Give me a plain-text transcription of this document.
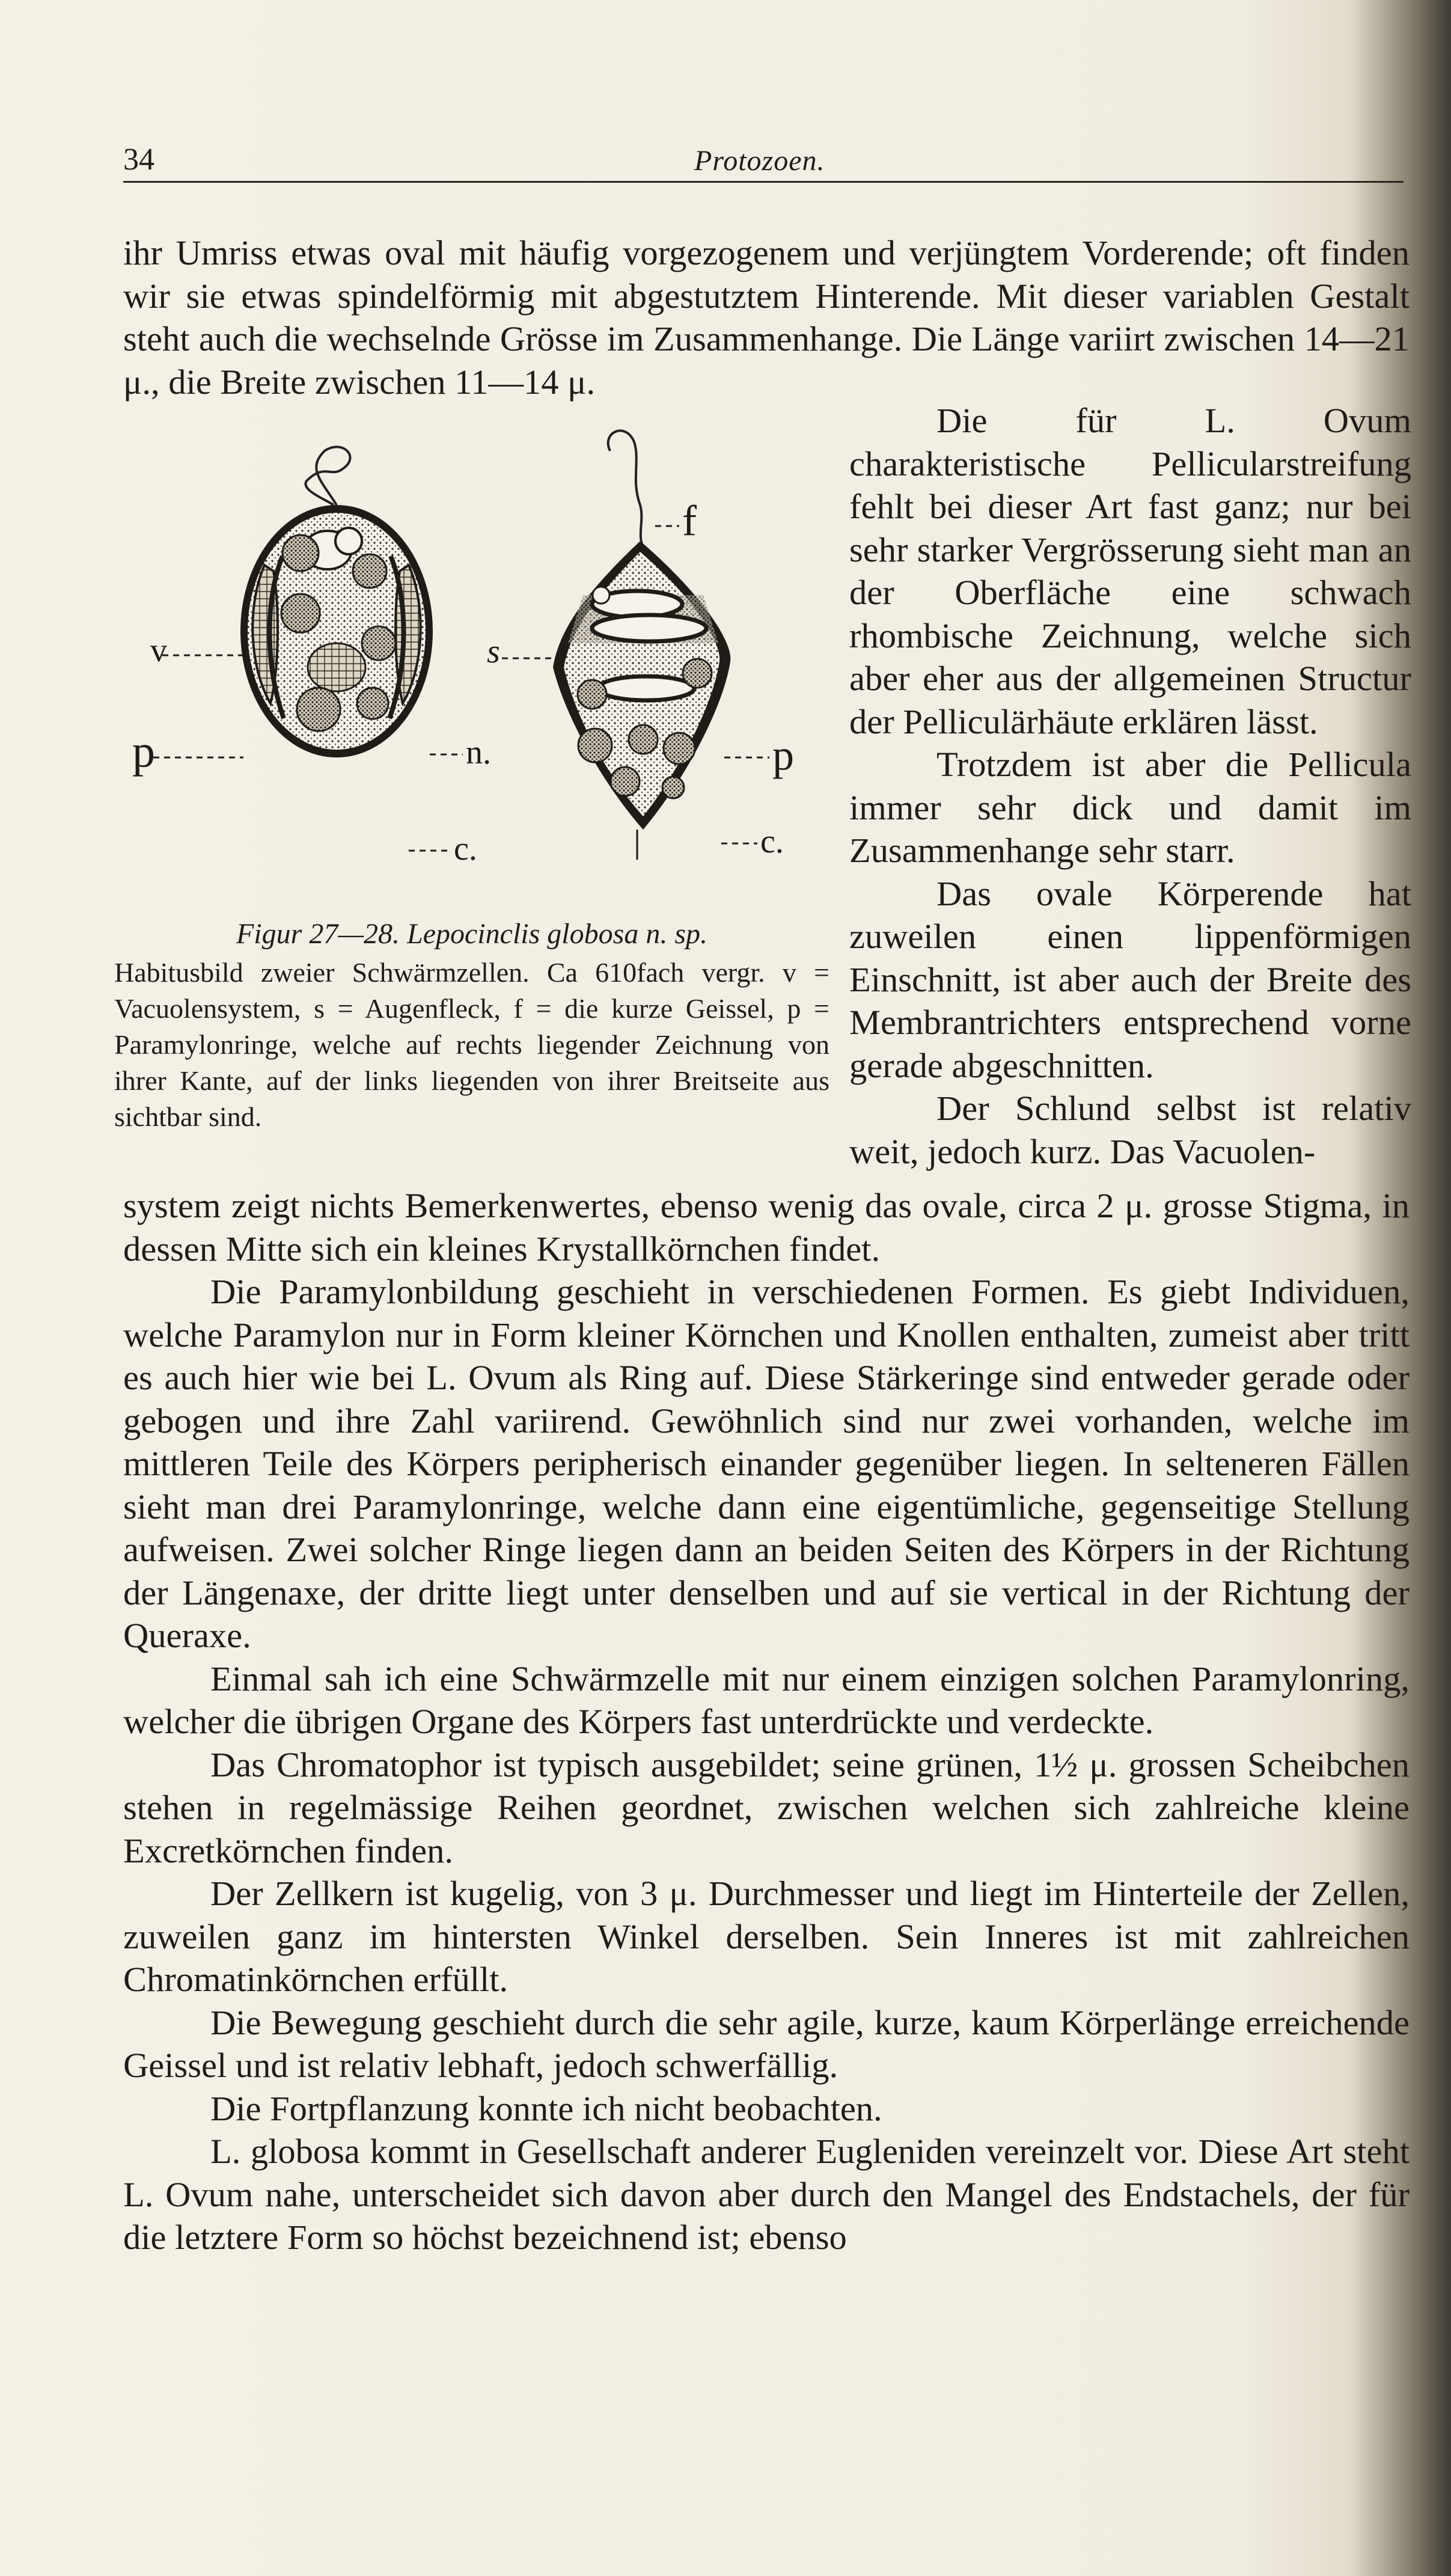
34	Protozoen.

ihr Umriss etwas oval mit häufig vorgezogenem und verjüngtem Vorderende; oft finden wir sie etwas spindelförmig mit abgestutztem Hinterende. Mit dieser variablen Gestalt steht auch die wechselnde Grösse im Zusammenhange. Die Länge variirt zwischen 14—21 μ., die Breite zwischen 11—14 μ.

v
p	n.
c.
s
f
p
c.
Figur 27—28. Lepocinclis globosa n. sp.
Habitusbild zweier Schwärmzellen. Ca 610fach vergr. v = Vacuolensystem, s = Augenfleck, f = die kurze Geissel, p = Paramylonringe, welche auf rechts liegender Zeichnung von ihrer Kante, auf der links liegenden von ihrer Breitseite aus sichtbar sind.

Die für L. Ovum charakteristische Pellicularstreifung fehlt bei dieser Art fast ganz; nur bei sehr starker Vergrösserung sieht man an der Oberfläche eine schwach rhombische Zeichnung, welche sich aber eher aus der allgemeinen Structur der Pelliculärhäute erklären lässt.

Trotzdem ist aber die Pellicula immer sehr dick und damit im Zusammenhange sehr starr.

Das ovale Körperende hat zuweilen einen lippenförmigen Einschnitt, ist aber auch der Breite des Membrantrichters entsprechend vorne gerade abgeschnitten.

Der Schlund selbst ist relativ weit, jedoch kurz. Das Vacuolen-

system zeigt nichts Bemerkenwertes, ebenso wenig das ovale, circa 2 μ. grosse Stigma, in dessen Mitte sich ein kleines Krystallkörnchen findet.

Die Paramylonbildung geschieht in verschiedenen Formen. Es giebt Individuen, welche Paramylon nur in Form kleiner Körnchen und Knollen enthalten, zumeist aber tritt es auch hier wie bei L. Ovum als Ring auf. Diese Stärkeringe sind entweder gerade oder gebogen und ihre Zahl variirend. Gewöhnlich sind nur zwei vorhanden, welche im mittleren Teile des Körpers peripherisch einander gegenüber liegen. In selteneren Fällen sieht man drei Paramylonringe, welche dann eine eigentümliche, gegenseitige Stellung aufweisen. Zwei solcher Ringe liegen dann an beiden Seiten des Körpers in der Richtung der Längenaxe, der dritte liegt unter denselben und auf sie vertical in der Richtung der Queraxe.

Einmal sah ich eine Schwärmzelle mit nur einem einzigen solchen Paramylonring, welcher die übrigen Organe des Körpers fast unterdrückte und verdeckte.

Das Chromatophor ist typisch ausgebildet; seine grünen, 1½ μ. grossen Scheibchen stehen in regelmässige Reihen geordnet, zwischen welchen sich zahlreiche kleine Excretkörnchen finden.

Der Zellkern ist kugelig, von 3 μ. Durchmesser und liegt im Hinterteile der Zellen, zuweilen ganz im hintersten Winkel derselben. Sein Inneres ist mit zahlreichen Chromatinkörnchen erfüllt.

Die Bewegung geschieht durch die sehr agile, kurze, kaum Körperlänge erreichende Geissel und ist relativ lebhaft, jedoch schwerfällig.

Die Fortpflanzung konnte ich nicht beobachten.

L. globosa kommt in Gesellschaft anderer Eugleniden vereinzelt vor. Diese Art steht L. Ovum nahe, unterscheidet sich davon aber durch den Mangel des Endstachels, der für die letztere Form so höchst bezeichnend ist; ebenso
